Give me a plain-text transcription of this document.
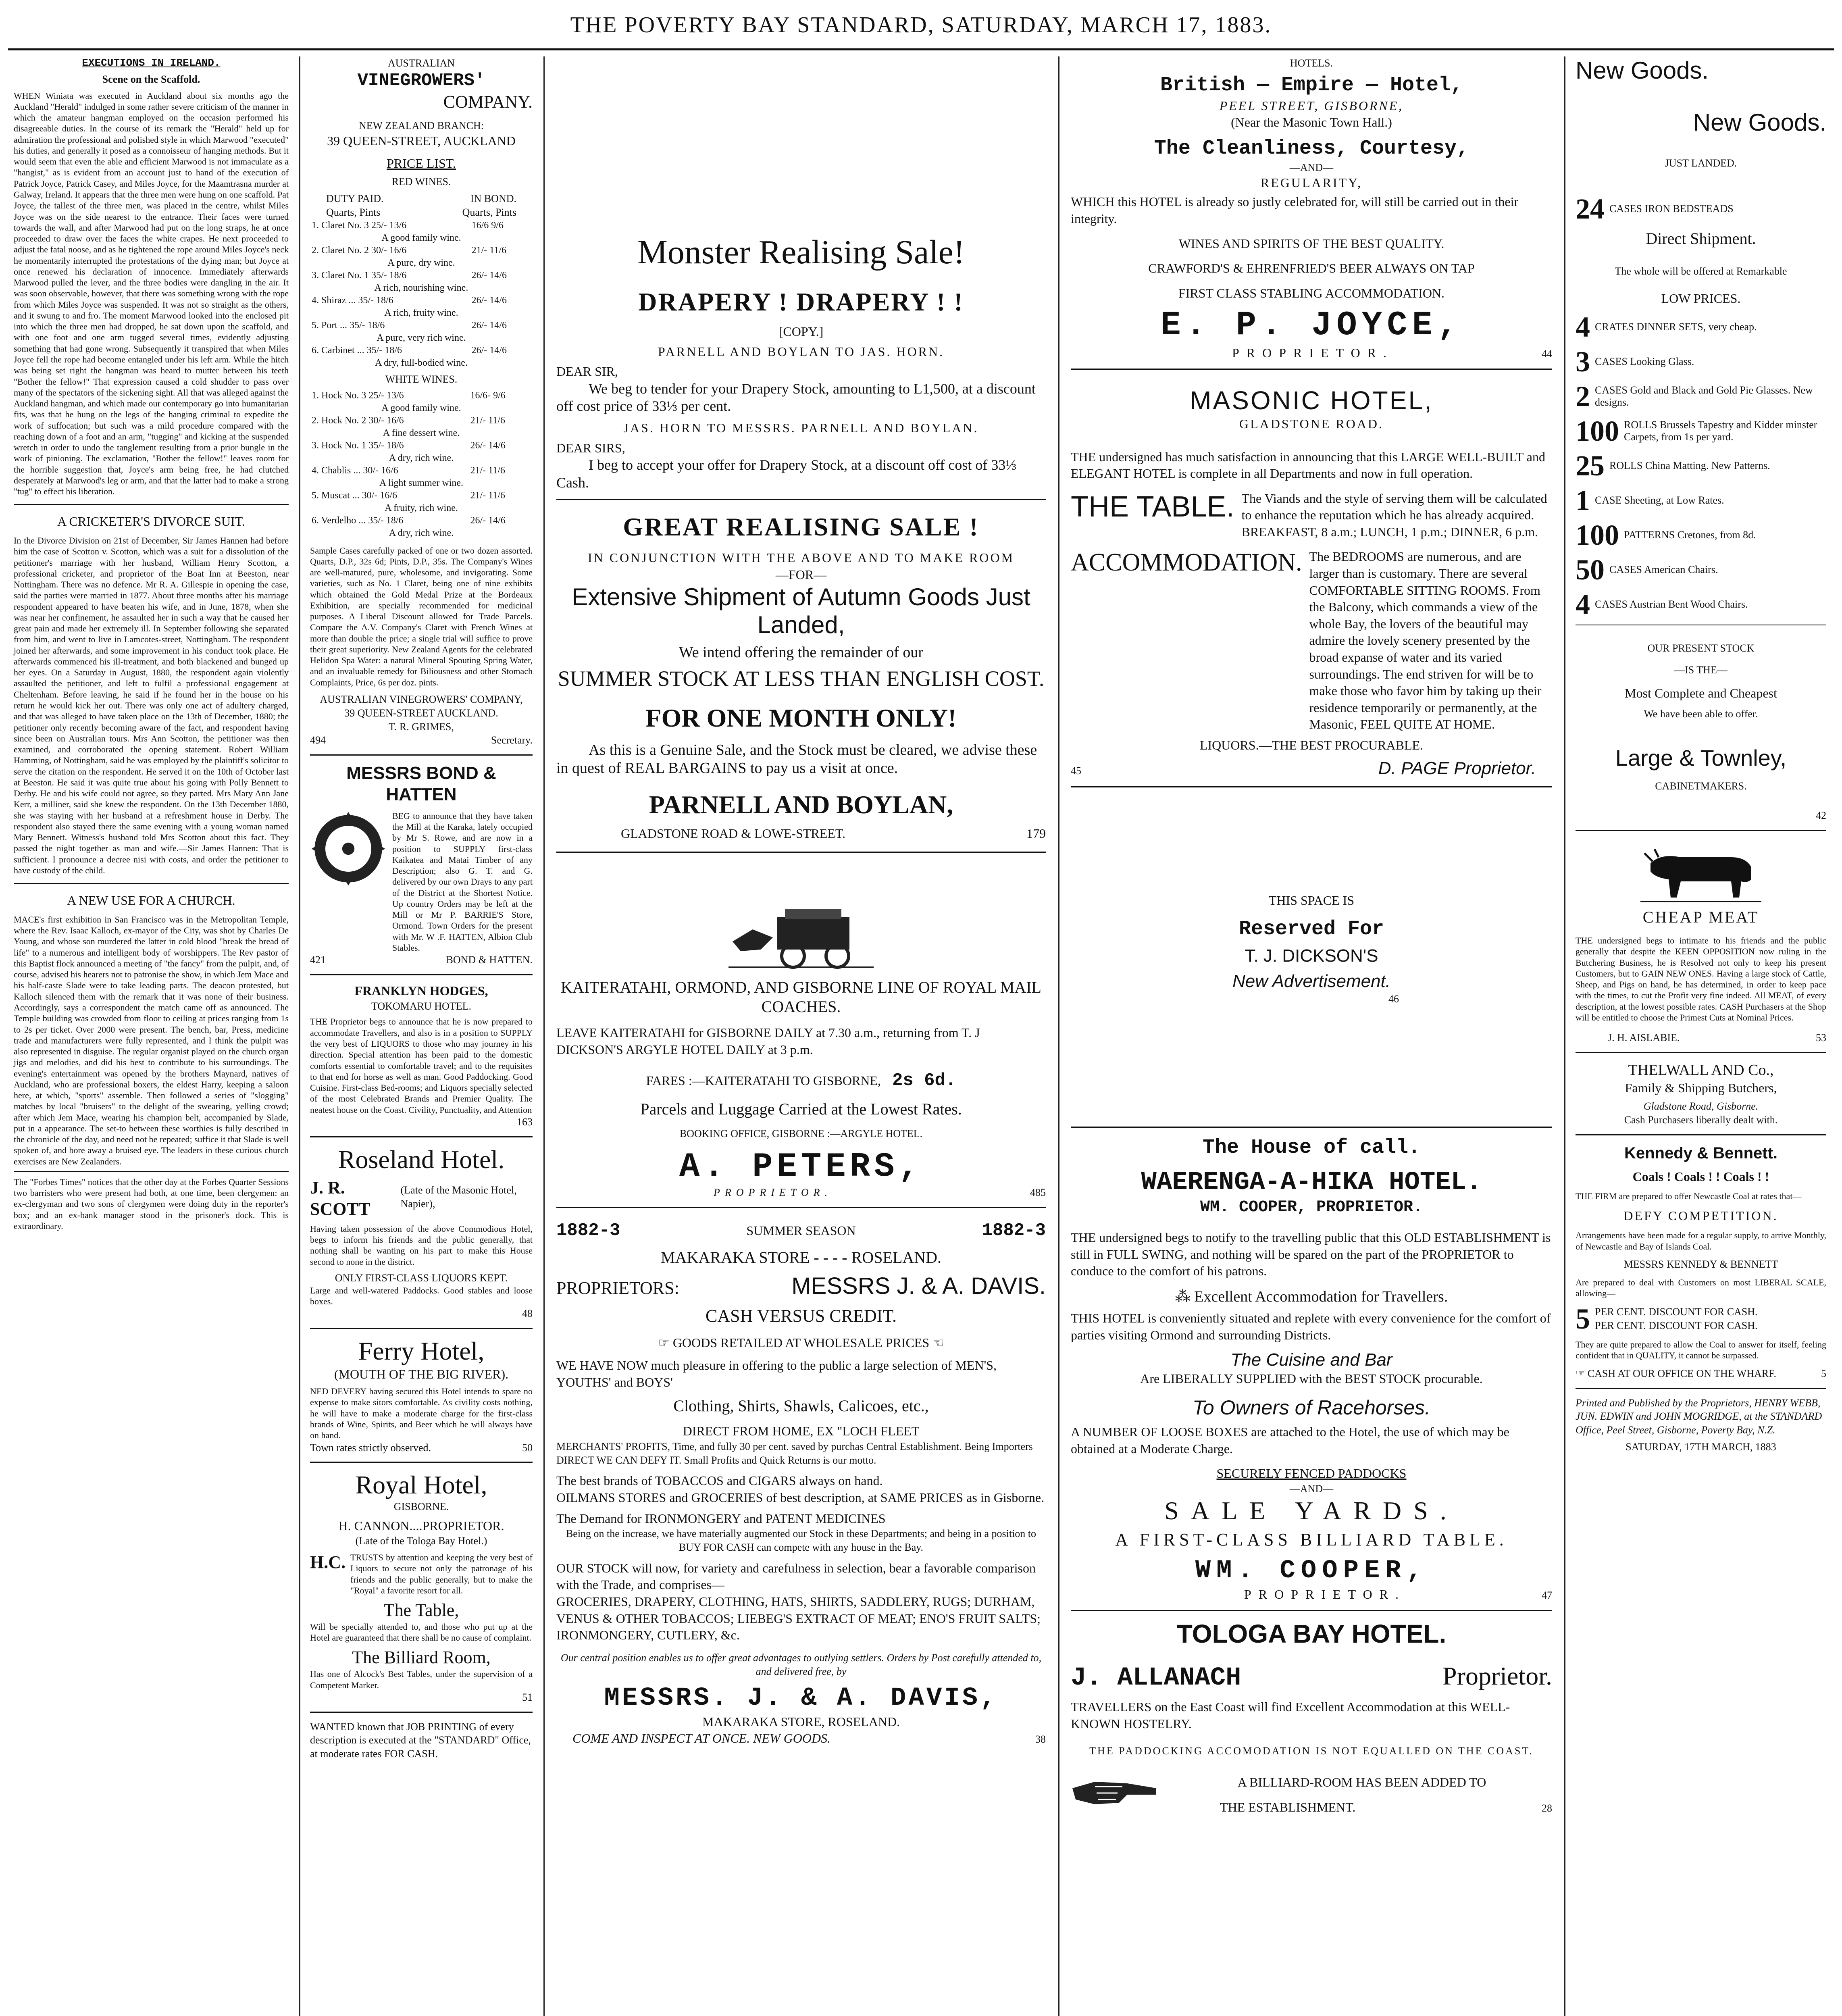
THE POVERTY BAY STANDARD, SATURDAY, MARCH 17, 1883.

EXECUTIONS IN IRELAND.

Scene on the Scaffold.

WHEN Winiata was executed in Auckland about six months ago the Auckland "Herald" indulged in some rather severe criticism of the manner in which the amateur hangman employed on the occasion performed his disagreeable duties. In the course of its remark the "Herald" held up for admiration the professional and polished style in which Marwood "executed" his duties, and generally it posed as a connoisseur of hanging methods. But it would seem that even the able and efficient Marwood is not immaculate as a "hangist," as is evident from an account just to hand of the execution of Patrick Joyce, Patrick Casey, and Miles Joyce, for the Maamtrasna murder at Galway, Ireland. It appears that the three men were hung on one scaffold. Pat Joyce, the tallest of the three men, was placed in the centre, whilst Miles Joyce was on the side nearest to the entrance. Their faces were turned towards the wall, and after Marwood had put on the long straps, he at once proceeded to draw over the faces the white crapes. He next proceeded to adjust the fatal noose, and as he tightened the rope around Miles Joyce's neck he momentarily interrupted the protestations of the dying man; but Joyce at once renewed his declaration of innocence. Immediately afterwards Marwood pulled the lever, and the three bodies were dangling in the air. It was soon observable, however, that there was something wrong with the rope from which Miles Joyce was suspended. It was not so straight as the others, and it swung to and fro. The moment Marwood looked into the enclosed pit into which the three men had dropped, he sat down upon the scaffold, and with one foot and one arm tugged several times, evidently adjusting something that had gone wrong. Subsequently it transpired that when Miles Joyce fell the rope had become entangled under his left arm. While the hitch was being set right the hangman was heard to mutter between his teeth "Bother the fellow!" That expression caused a cold shudder to pass over many of the spectators of the sickening sight. All that was alleged against the Auckland hangman, and which made our contemporary go into humanitarian fits, was that he hung on the legs of the hanging criminal to expedite the work of suffocation; but such was a mild procedure compared with the reaching down of a foot and an arm, "tugging" and kicking at the suspended wretch in order to undo the tanglement resulting from a prior bungle in the work of pinioning. The exclamation, "Bother the fellow!" leaves room for the horrible suggestion that, Joyce's arm being free, he had clutched desperately at Marwood's leg or arm, and that the latter had to make a strong "tug" to effect his liberation.

A CRICKETER'S DIVORCE SUIT.

In the Divorce Division on 21st of December, Sir James Hannen had before him the case of Scotton v. Scotton, which was a suit for a dissolution of the petitioner's marriage with her husband, William Henry Scotton, a professional cricketer, and proprietor of the Boat Inn at Beeston, near Nottingham. There was no defence. Mr R. A. Gillespie in opening the case, said the parties were married in 1877. About three months after his marriage respondent appeared to have beaten his wife, and in June, 1878, when she was near her confinement, he assaulted her in such a way that he caused her great pain and made her extremely ill. In September following she separated from him, and went to live in Lamcotes-street, Nottingham. The respondent joined her afterwards, and some improvement in his conduct took place. He afterwards commenced his ill-treatment, and both blackened and bunged up her eyes. On a Saturday in August, 1880, the respondent again violently assaulted the petitioner, and left to fulfil a professional engagement at Cheltenham. Before leaving, he said if he found her in the house on his return he would kick her out. There was only one act of adultery charged, and that was alleged to have taken place on the 13th of December, 1880; the petitioner only recently becoming aware of the fact, and respondent having since been on Australian tours. Mrs Ann Scotton, the petitioner was then examined, and corroborated the opening statement. Robert William Hamming, of Nottingham, said he was employed by the plaintiff's solicitor to serve the citation on the respondent. He served it on the 10th of October last at Beeston. He said it was quite true about his going with Polly Bennett to Derby. He and his wife could not agree, so they parted. Mrs Mary Ann Jane Kerr, a milliner, said she knew the respondent. On the 13th December 1880, she was staying with her husband at a refreshment house in Derby. The respondent also stayed there the same evening with a young woman named Mary Bennett. Witness's husband told Mrs Scotton about this fact. They passed the night together as man and wife.—Sir James Hannen: That is sufficient. I pronounce a decree nisi with costs, and order the petitioner to have custody of the child.

A NEW USE FOR A CHURCH.

MACE's first exhibition in San Francisco was in the Metropolitan Temple, where the Rev. Isaac Kalloch, ex-mayor of the City, was shot by Charles De Young, and whose son murdered the latter in cold blood "break the bread of life" to a numerous and intelligent body of worshippers. The Rev pastor of this Baptist flock announced a meeting of "the fancy" from the pulpit, and, of course, advised his hearers not to patronise the show, in which Jem Mace and his half-caste Slade were to take leading parts. The deacon protested, but Kalloch silenced them with the remark that it was none of their business. Accordingly, says a correspondent the match came off as announced. The Temple building was crowded from floor to ceiling at prices ranging from 1s to 2s per ticket. Over 2000 were present. The bench, bar, Press, medicine trade and manufacturers were fully represented, and I think the pulpit was also represented in disguise. The regular organist played on the church organ jigs and melodies, and did his best to contribute to his surroundings. The evening's entertainment was opened by the brothers Maynard, natives of Auckland, who are professional boxers, the eldest Harry, keeping a saloon here, at which, "sports" assemble. Then followed a series of "slogging" matches by local "bruisers" to the delight of the swearing, yelling crowd; after which Jem Mace, wearing his champion belt, accompanied by Slade, put in a appearance. The set-to between these worthies is fully described in the chronicle of the day, and need not be repeated; suffice it that Slade is well spoken of, and bore away a bruised eye. The leaders in these curious church exercises are New Zealanders.

The "Forbes Times" notices that the other day at the Forbes Quarter Sessions two barristers who were present had both, at one time, been clergymen: an ex-clergyman and two sons of clergymen were doing duty in the reporter's box; and an ex-bank manager stood in the prisoner's dock. This is extraordinary.

AUSTRALIAN

VINEGROWERS'

COMPANY.

NEW ZEALAND BRANCH:

39 QUEEN-STREET, AUCKLAND

PRICE LIST.

RED WINES.

DUTY PAID.	IN BOND.
Quarts, Pints	Quarts, Pints
1. Claret No. 3 25/- 13/6	16/6 9/6
A good family wine.	
2. Claret No. 2 30/- 16/6	21/- 11/6
A pure, dry wine.	
3. Claret No. 1 35/- 18/6	26/- 14/6
A rich, nourishing wine.	
4. Shiraz ... 35/- 18/6	26/- 14/6
A rich, fruity wine.	
5. Port ... 35/- 18/6	26/- 14/6
A pure, very rich wine.	
6. Carbinet ... 35/- 18/6	26/- 14/6
A dry, full-bodied wine.	

WHITE WINES.

1. Hock No. 3 25/- 13/6	16/6- 9/6
A good family wine.	
2. Hock No. 2 30/- 16/6	21/- 11/6
A fine dessert wine.	
3. Hock No. 1 35/- 18/6	26/- 14/6
A dry, rich wine.	
4. Chablis ... 30/- 16/6	21/- 11/6
A light summer wine.	
5. Muscat ... 30/- 16/6	21/- 11/6
A fruity, rich wine.	
6. Verdelho ... 35/- 18/6	26/- 14/6
A dry, rich wine.	

Sample Cases carefully packed of one or two dozen assorted. Quarts, D.P., 32s 6d; Pints, D.P., 35s. The Company's Wines are well-matured, pure, wholesome, and invigorating. Some varieties, such as No. 1 Claret, being one of nine exhibits which obtained the Gold Medal Prize at the Bordeaux Exhibition, are specially recommended for medicinal purposes. A Liberal Discount allowed for Trade Parcels. Compare the A.V. Company's Claret with French Wines at more than double the price; a single trial will suffice to prove their great superiority. New Zealand Agents for the celebrated Helidon Spa Water: a natural Mineral Spouting Spring Water, and an invaluable remedy for Biliousness and other Stomach Complaints, Price, 6s per doz. pints.

AUSTRALIAN VINEGROWERS' COMPANY,

39 QUEEN-STREET AUCKLAND.

T. R. GRIMES,

494	Secretary.

MESSRS BOND & HATTEN

BEG to announce that they have taken the Mill at the Karaka, lately occupied by Mr S. Rowe, and are now in a position to SUPPLY first-class Kaikatea and Matai Timber of any Description; also G. T. and G. delivered by our own Drays to any part of the District at the Shortest Notice. Up country Orders may be left at the Mill or Mr P. BARRIE'S Store, Ormond. Town Orders for the present with Mr. W .F. HATTEN, Albion Club Stables.

421	BOND & HATTEN.

FRANKLYN HODGES,

TOKOMARU HOTEL.

THE Proprietor begs to announce that he is now prepared to accommodate Travellers, and also is in a position to SUPPLY the very best of LIQUORS to those who may journey in his direction. Special attention has been paid to the domestic comforts essential to comfortable travel; and to the requisites to that end for horse as well as man. Good Paddocking. Good Cuisine. First-class Bed-rooms; and Liquors specially selected of the most Celebrated Brands and Premier Quality. The neatest house on the Coast. Civility, Punctuality, and Attention

163

Roseland Hotel.

J. R. SCOTT
(Late of the Masonic Hotel, Napier),

Having taken possession of the above Commodious Hotel, begs to inform his friends and the public generally, that nothing shall be wanting on his part to make this House second to none in the district.

ONLY FIRST-CLASS LIQUORS KEPT.

Large and well-watered Paddocks. Good stables and loose boxes.

48

Ferry Hotel,

(MOUTH OF THE BIG RIVER).

NED DEVERY having secured this Hotel intends to spare no expense to make sitors comfortable. As civility costs nothing, he will have to make a moderate charge for the first-class brands of Wine, Spirits, and Beer which he will always have on hand.

Town rates strictly observed.	50

Royal Hotel,

GISBORNE.

H. CANNON....PROPRIETOR.

(Late of the Tologa Bay Hotel.)

H.C. TRUSTS by attention and keeping the very best of Liquors to secure not only the patronage of his friends and the public generally, but to make the "Royal" a favorite resort for all.

The Table,

Will be specially attended to, and those who put up at the Hotel are guaranteed that there shall be no cause of complaint.

The Billiard Room,

Has one of Alcock's Best Tables, under the supervision of a Competent Marker.

51

WANTED known that JOB PRINTING of every description is executed at the "STANDARD" Office, at moderate rates FOR CASH.

Monster Realising Sale!

DRAPERY ! DRAPERY ! !

[COPY.]

PARNELL AND BOYLAN TO JAS. HORN.

DEAR SIR,

We beg to tender for your Drapery Stock, amounting to L1,500, at a discount off cost price of 33⅓ per cent.

JAS. HORN TO MESSRS. PARNELL AND BOYLAN.

DEAR SIRS,

I beg to accept your offer for Drapery Stock, at a discount off cost of 33⅓ Cash.

GREAT REALISING SALE !

IN CONJUNCTION WITH THE ABOVE AND TO MAKE ROOM

—FOR—

Extensive Shipment of Autumn Goods Just Landed,

We intend offering the remainder of our

SUMMER STOCK AT LESS THAN ENGLISH COST.

FOR ONE MONTH ONLY!

As this is a Genuine Sale, and the Stock must be cleared, we advise these in quest of REAL BARGAINS to pay us a visit at once.

PARNELL AND BOYLAN,

GLADSTONE ROAD & LOWE-STREET.	179

KAITERATAHI, ORMOND, AND GISBORNE LINE OF ROYAL MAIL COACHES.

LEAVE KAITERATAHI for GISBORNE DAILY at 7.30 a.m., returning from T. J DICKSON'S ARGYLE HOTEL DAILY at 3 p.m.

FARES :—KAITERATAHI TO GISBORNE, 2s 6d.

Parcels and Luggage Carried at the Lowest Rates.

BOOKING OFFICE, GISBORNE :—ARGYLE HOTEL.

A. PETERS,

PROPRIETOR.	485
1882-3	SUMMER SEASON	1882-3

MAKARAKA STORE - - - - ROSELAND.

PROPRIETORS:	MESSRS J. & A. DAVIS.

CASH VERSUS CREDIT.

☞ GOODS RETAILED AT WHOLESALE PRICES ☜

WE HAVE NOW much pleasure in offering to the public a large selection of MEN'S, YOUTHS' and BOYS'

Clothing, Shirts, Shawls, Calicoes, etc.,

DIRECT FROM HOME, EX "LOCH FLEET

MERCHANTS' PROFITS, Time, and fully 30 per cent. saved by purchas Central Establishment. Being Importers DIRECT WE CAN DEFY IT. Small Profits and Quick Returns is our motto.

The best brands of TOBACCOS and CIGARS always on hand.

OILMANS STORES and GROCERIES of best description, at SAME PRICES as in Gisborne.

The Demand for IRONMONGERY and PATENT MEDICINES

Being on the increase, we have materially augmented our Stock in these Departments; and being in a position to BUY FOR CASH can compete with any house in the Bay.

OUR STOCK will now, for variety and carefulness in selection, bear a favorable comparison with the Trade, and comprises—

GROCERIES, DRAPERY, CLOTHING, HATS, SHIRTS, SADDLERY, RUGS; DURHAM, VENUS & OTHER TOBACCOS; LIEBEG'S EXTRACT OF MEAT; ENO'S FRUIT SALTS; IRONMONGERY, CUTLERY, &c.

Our central position enables us to offer great advantages to outlying settlers. Orders by Post carefully attended to, and delivered free, by

MESSRS. J. & A. DAVIS,

MAKARAKA STORE, ROSELAND.

COME AND INSPECT AT ONCE. NEW GOODS.	38

HOTELS.

British — Empire — Hotel,

PEEL STREET, GISBORNE,

(Near the Masonic Town Hall.)

The Cleanliness, Courtesy,

—AND—

REGULARITY,

WHICH this HOTEL is already so justly celebrated for, will still be carried out in their integrity.

WINES AND SPIRITS OF THE BEST QUALITY.

CRAWFORD'S & EHRENFRIED'S BEER ALWAYS ON TAP

FIRST CLASS STABLING ACCOMMODATION.

E. P. JOYCE,

PROPRIETOR.	44

MASONIC HOTEL,

GLADSTONE ROAD.

THE undersigned has much satisfaction in announcing that this LARGE WELL-BUILT and ELEGANT HOTEL is complete in all Departments and now in full operation.

THE TABLE. The Viands and the style of serving them will be calculated to enhance the reputation which he has already acquired. BREAKFAST, 8 a.m.; LUNCH, 1 p.m.; DINNER, 6 p.m.

ACCOMMODATION. The BEDROOMS are numerous, and are larger than is customary. There are several COMFORTABLE SITTING ROOMS. From the Balcony, which commands a view of the whole Bay, the lovers of the beautiful may admire the lovely scenery presented by the broad expanse of water and its varied surroundings. The end striven for will be to make those who favor him by taking up their residence temporarily or permanently, at the Masonic, FEEL QUITE AT HOME.

LIQUORS.—THE BEST PROCURABLE.

45	D. PAGE Proprietor.

THIS SPACE IS

Reserved For

T. J. DICKSON'S

New Advertisement.

46

The House of call.

WAERENGA-A-HIKA HOTEL.

WM. COOPER, PROPRIETOR.

THE undersigned begs to notify to the travelling public that this OLD ESTABLISHMENT is still in FULL SWING, and nothing will be spared on the part of the PROPRIETOR to conduce to the comfort of his patrons.

⁂ Excellent Accommodation for Travellers.

THIS HOTEL is conveniently situated and replete with every convenience for the comfort of parties visiting Ormond and surrounding Districts.

The Cuisine and Bar

Are LIBERALLY SUPPLIED with the BEST STOCK procurable.

To Owners of Racehorses.

A NUMBER OF LOOSE BOXES are attached to the Hotel, the use of which may be obtained at a Moderate Charge.

SECURELY FENCED PADDOCKS

—AND—

SALE YARDS.

A FIRST-CLASS BILLIARD TABLE.

WM. COOPER,

PROPRIETOR.	47

TOLOGA BAY HOTEL.

J. ALLANACH	Proprietor.

TRAVELLERS on the East Coast will find Excellent Accommodation at this WELL-KNOWN HOSTELRY.

THE PADDOCKING ACCOMODATION IS NOT EQUALLED ON THE COAST.

A BILLIARD-ROOM HAS BEEN ADDED TO

THE ESTABLISHMENT.	28

New Goods.

New Goods.

JUST LANDED.

24 CASES IRON BEDSTEADS

Direct Shipment.

The whole will be offered at Remarkable

LOW PRICES.

4 CRATES DINNER SETS, very cheap.
3 CASES Looking Glass.
2 CASES Gold and Black and Gold Pie Glasses. New designs.
100 ROLLS Brussels Tapestry and Kidder minster Carpets, from 1s per yard.
25 ROLLS China Matting. New Patterns.
1 CASE Sheeting, at Low Rates.
100 PATTERNS Cretones, from 8d.
50 CASES American Chairs.
4 CASES Austrian Bent Wood Chairs.

OUR PRESENT STOCK

—IS THE—

Most Complete and Cheapest

We have been able to offer.

Large & Townley,

CABINETMAKERS.

42

CHEAP MEAT

THE undersigned begs to intimate to his friends and the public generally that despite the KEEN OPPOSITION now ruling in the Butchering Business, he is Resolved not only to keep his present Customers, but to GAIN NEW ONES. Having a large stock of Cattle, Sheep, and Pigs on hand, he has determined, in order to keep pace with the times, to cut the Profit very fine indeed. All MEAT, of every description, at the lowest possible rates. CASH Purchasers at the Shop will be entitled to choose the Primest Cuts at Nominal Prices.

J. H. AISLABIE.	53

THELWALL AND Co.,

Family & Shipping Butchers,

Gladstone Road, Gisborne.

Cash Purchasers liberally dealt with.

Kennedy & Bennett.

Coals ! Coals ! ! Coals ! !

THE FIRM are prepared to offer Newcastle Coal at rates that—

DEFY COMPETITION.

Arrangements have been made for a regular supply, to arrive Monthly, of Newcastle and Bay of Islands Coal.

MESSRS KENNEDY & BENNETT

Are prepared to deal with Customers on most LIBERAL SCALE, allowing—

5 PER CENT. DISCOUNT FOR CASH.
PER CENT. DISCOUNT FOR CASH.

They are quite prepared to allow the Coal to answer for itself, feeling confident that in QUALITY, it cannot be surpassed.

☞ CASH AT OUR OFFICE ON THE WHARF.	5

Printed and Published by the Proprietors, HENRY WEBB, JUN. EDWIN and JOHN MOGRIDGE, at the STANDARD Office, Peel Street, Gisborne, Poverty Bay, N.Z.

SATURDAY, 17TH MARCH, 1883
